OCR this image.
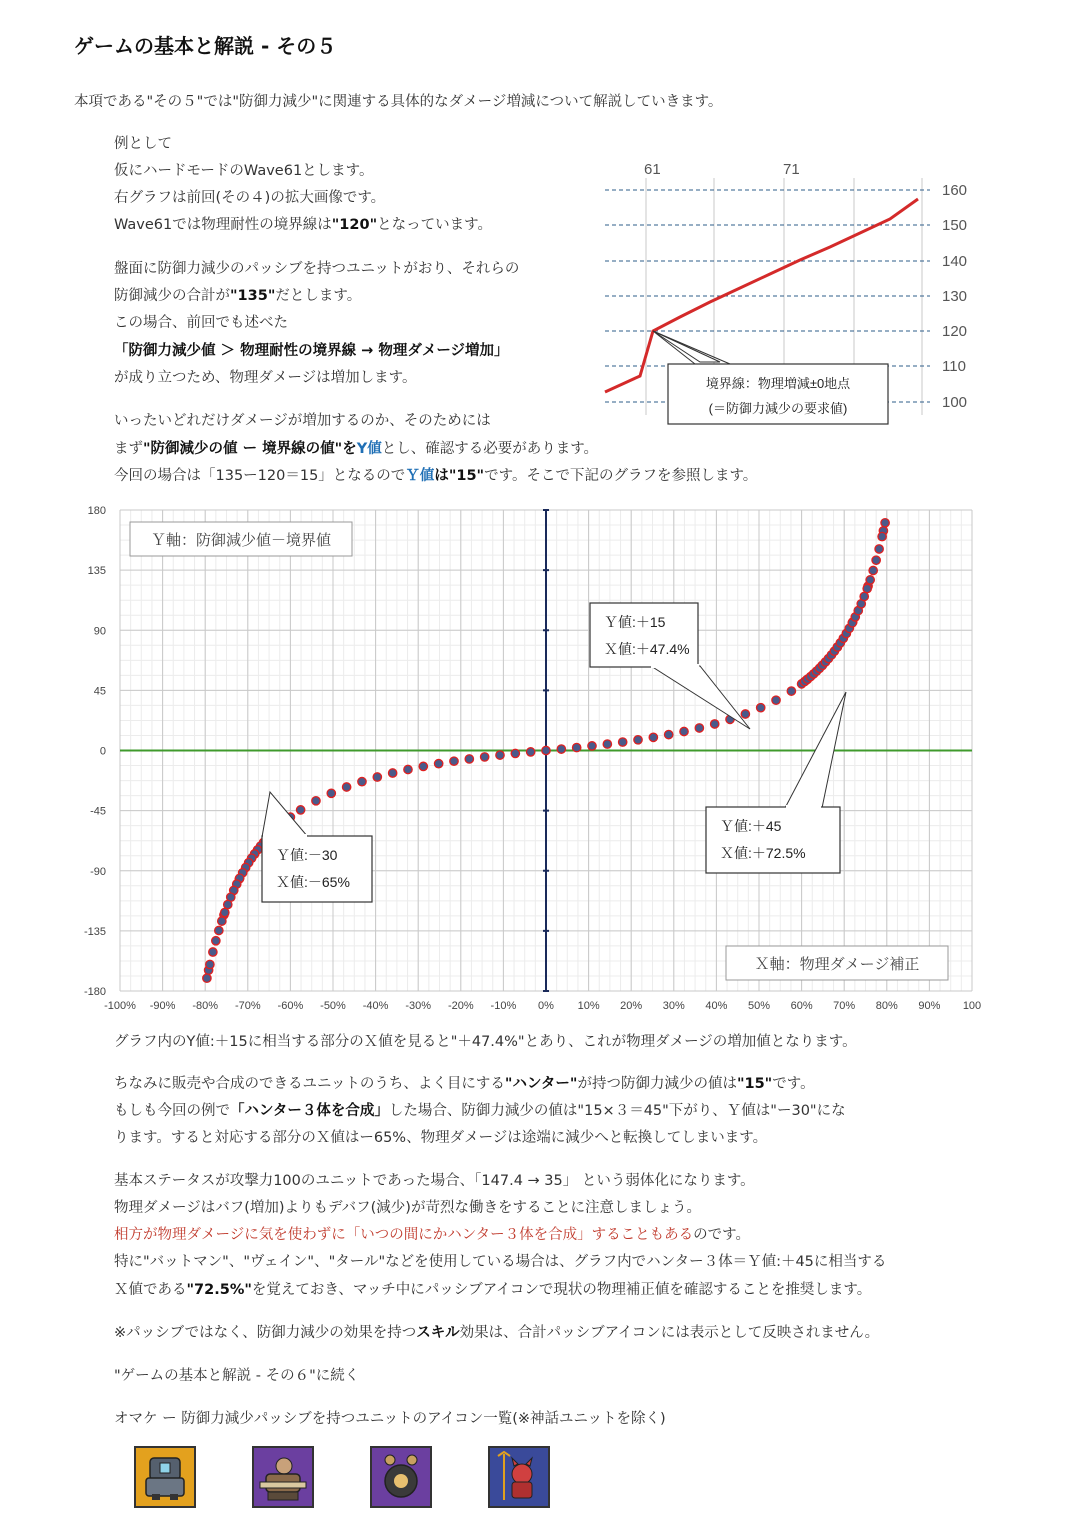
ゲームの基本と解説 - その５
本項である"その５"では"防御力減少"に関連する具体的なダメージ増減について解説していきます。
例として
仮にハードモードのWave61とします。
右グラフは前回(その４)の拡大画像です。
Wave61では物理耐性の境界線は"120"となっています。
盤面に防御力減少のパッシブを持つユニットがおり、それらの
防御減少の合計が"135"だとします。
この場合、前回でも述べた
「防御力減少値 ＞ 物理耐性の境界線 → 物理ダメージ増加」
が成り立つため、物理ダメージは増加します。
いったいどれだけダメージが増加するのか、そのためには
まず"防御減少の値 ー 境界線の値"をY値とし、確認する必要があります。
今回の場合は「135ー120＝15」となるのでＹ値は"15"です。そこで下記のグラフを参照します。
160
150
140
130
120
110
100
61	71
境界線：物理増減±0地点
(＝防御力減少の要求値)
-100% -90% -80% -70% -60% -50% -40% -30% -20% -10% 0% 10% 20% 30% 40% 50% 60% 70% 80% 90% 100
180
135
90
45
0
-45
-90
-135
-180
Ｙ軸：防御減少値－境界値
Ｘ軸：物理ダメージ補正
Ｙ値:＋15
Ｘ値:＋47.4%
Ｙ値:－30
Ｘ値:－65%
Ｙ値:＋45
Ｘ値:＋72.5%
グラフ内のY値:＋15に相当する部分のＸ値を見ると"＋47.4%"とあり、これが物理ダメージの増加値となります。
ちなみに販売や合成のできるユニットのうち、よく目にする"ハンター"が持つ防御力減少の値は"15"です。
もしも今回の例で「ハンター３体を合成」した場合、防御力減少の値は"15×３＝45"下がり、Ｙ値は"ー30"にな
ります。すると対応する部分のＸ値はー65%、物理ダメージは途端に減少へと転換してしまいます。
基本ステータスが攻撃力100のユニットであった場合、「147.4 → 35」 という弱体化になります。
物理ダメージはバフ(増加)よりもデバフ(減少)が苛烈な働きをすることに注意しましょう。
相方が物理ダメージに気を使わずに「いつの間にかハンター３体を合成」することもあるのです。
特に"バットマン"、"ヴェイン"、"タール"などを使用している場合は、グラフ内でハンター３体＝Ｙ値:＋45に相当する
Ｘ値である"72.5%"を覚えておき、マッチ中にパッシブアイコンで現状の物理補正値を確認することを推奨します。
※パッシブではなく、防御力減少の効果を持つスキル効果は、合計パッシブアイコンには表示として反映されません。
"ゲームの基本と解説 - その６"に続く
オマケ ー 防御力減少パッシブを持つユニットのアイコン一覧(※神話ユニットを除く)
